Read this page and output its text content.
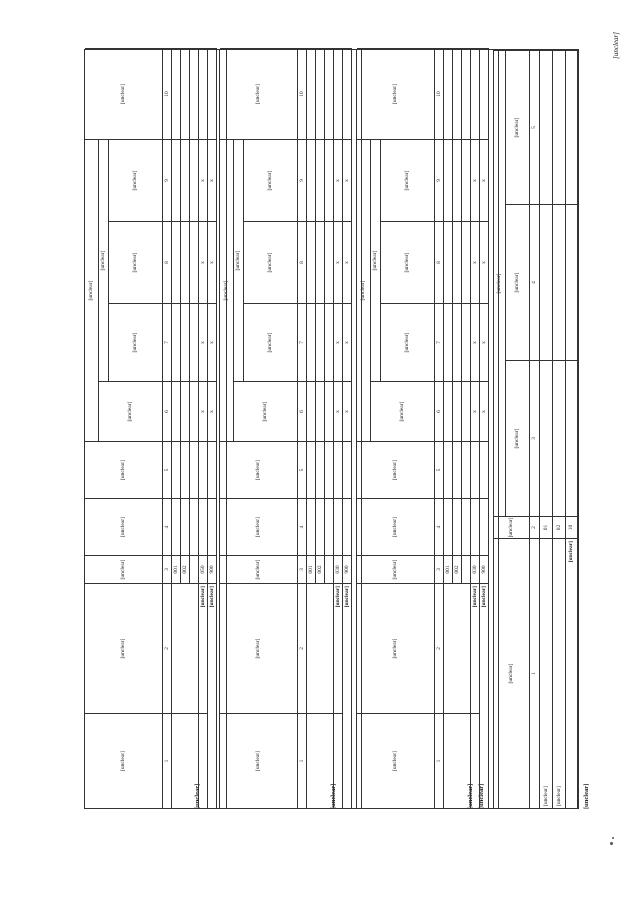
[unclear]
[unclear]
[unclear]
[unclear]
[unclear]
[unclear]
[unclear]
[unclear]
1
2
3
4
5
[unclear]
01
[unclear]
02
[unclear]
10
[unclear]
[unclear]
[unclear]
[unclear]
[unclear]
[unclear]
[unclear]
[unclear]
[unclear]
[unclear]
[unclear]
[unclear]
[unclear]
[unclear]
1
2
3
4
5
6
7
8
9
10
001 002
[unclear]
030
x
x
x
x
[unclear]
900
x
x
x
x
[unclear]
[unclear]
[unclear]
[unclear]
[unclear]
[unclear]
[unclear]
[unclear]
[unclear]
[unclear]
[unclear]
[unclear]
[unclear]
1
2
3
4
5
6
7
8
9
10
001 002
[unclear]
030
x
x
x
x
[unclear]
900
x
x
x
x
[unclear]
[unclear]
[unclear]
[unclear]
[unclear]
[unclear]
[unclear]
[unclear]
[unclear]
[unclear]
[unclear]
[unclear]
[unclear]
1
2
3
4
5
6
7
8
9
10
001 002
[unclear]
050
x
x
x
x
[unclear]
900
x
x
x
x
